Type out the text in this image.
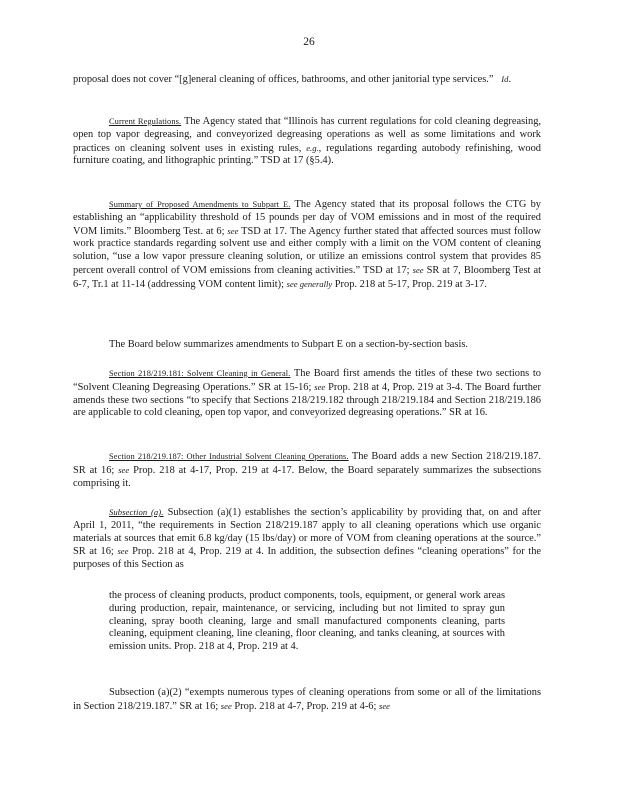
26

proposal does not cover “[g]eneral cleaning of offices, bathrooms, and other janitorial type services.” Id.

Current Regulations. The Agency stated that “Illinois has current regulations for cold cleaning degreasing, open top vapor degreasing, and conveyorized degreasing operations as well as some limitations and work practices on cleaning solvent uses in existing rules, e.g., regulations regarding autobody refinishing, wood furniture coating, and lithographic printing.” TSD at 17 (§5.4).

Summary of Proposed Amendments to Subpart E. The Agency stated that its proposal follows the CTG by establishing an “applicability threshold of 15 pounds per day of VOM emissions and in most of the required VOM limits.” Bloomberg Test. at 6; see TSD at 17. The Agency further stated that affected sources must follow work practice standards regarding solvent use and either comply with a limit on the VOM content of cleaning solution, “use a low vapor pressure cleaning solution, or utilize an emissions control system that provides 85 percent overall control of VOM emissions from cleaning activities.” TSD at 17; see SR at 7, Bloomberg Test at 6-7, Tr.1 at 11-14 (addressing VOM content limit); see generally Prop. 218 at 5-17, Prop. 219 at 3-17.

The Board below summarizes amendments to Subpart E on a section-by-section basis.

Section 218/219.181: Solvent Cleaning in General. The Board first amends the titles of these two sections to “Solvent Cleaning Degreasing Operations.” SR at 15-16; see Prop. 218 at 4, Prop. 219 at 3-4. The Board further amends these two sections “to specify that Sections 218/219.182 through 218/219.184 and Section 218/219.186 are applicable to cold cleaning, open top vapor, and conveyorized degreasing operations.” SR at 16.

Section 218/219.187: Other Industrial Solvent Cleaning Operations. The Board adds a new Section 218/219.187. SR at 16; see Prop. 218 at 4-17, Prop. 219 at 4-17. Below, the Board separately summarizes the subsections comprising it.

Subsection (a). Subsection (a)(1) establishes the section’s applicability by providing that, on and after April 1, 2011, “the requirements in Section 218/219.187 apply to all cleaning operations which use organic materials at sources that emit 6.8 kg/day (15 lbs/day) or more of VOM from cleaning operations at the source.” SR at 16; see Prop. 218 at 4, Prop. 219 at 4. In addition, the subsection defines “cleaning operations” for the purposes of this Section as

the process of cleaning products, product components, tools, equipment, or general work areas during production, repair, maintenance, or servicing, including but not limited to spray gun cleaning, spray booth cleaning, large and small manufactured components cleaning, parts cleaning, equipment cleaning, line cleaning, floor cleaning, and tanks cleaning, at sources with emission units. Prop. 218 at 4, Prop. 219 at 4.

Subsection (a)(2) “exempts numerous types of cleaning operations from some or all of the limitations in Section 218/219.187.” SR at 16; see Prop. 218 at 4-7, Prop. 219 at 4-6; see
